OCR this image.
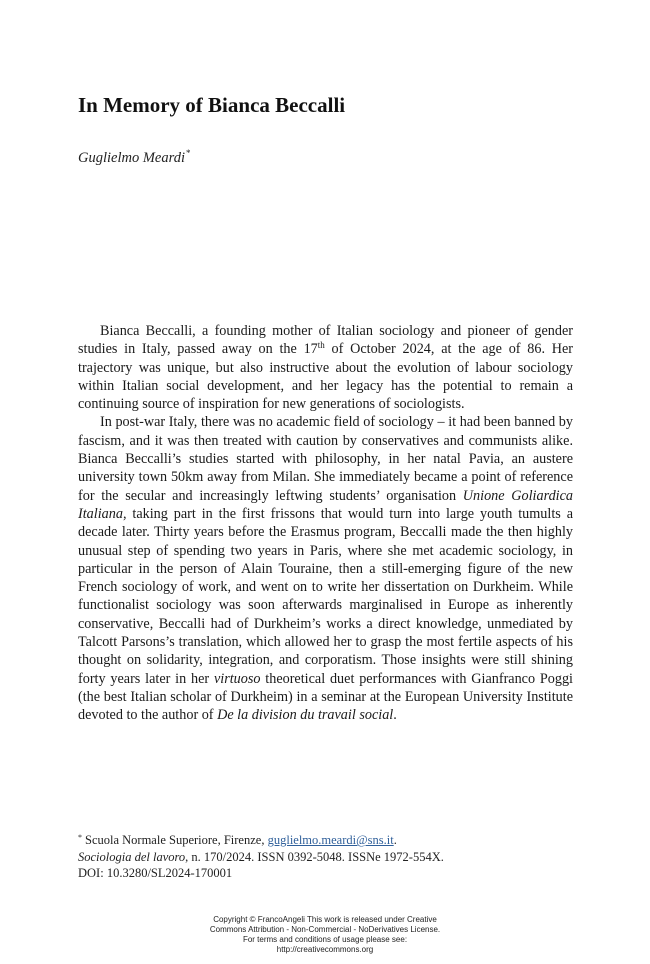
In Memory of Bianca Beccalli
Guglielmo Meardi*

Bianca Beccalli, a founding mother of Italian sociology and pioneer of gender studies in Italy, passed away on the 17th of October 2024, at the age of 86. Her trajectory was unique, but also instructive about the evolution of labour sociology within Italian social development, and her legacy has the potential to remain a continuing source of inspiration for new generations of sociologists.

In post-war Italy, there was no academic field of sociology – it had been banned by fascism, and it was then treated with caution by conservatives and communists alike. Bianca Beccalli’s studies started with philosophy, in her natal Pavia, an austere university town 50km away from Milan. She immediately became a point of reference for the secular and increasingly leftwing students’ organisation Unione Goliardica Italiana, taking part in the first frissons that would turn into large youth tumults a decade later. Thirty years before the Erasmus program, Beccalli made the then highly unusual step of spending two years in Paris, where she met academic sociology, in particular in the person of Alain Touraine, then a still-emerging figure of the new French sociology of work, and went on to write her dissertation on Durkheim. While functionalist sociology was soon afterwards marginalised in Europe as inherently conservative, Beccalli had of Durkheim’s works a direct knowledge, unmediated by Talcott Parsons’s translation, which allowed her to grasp the most fertile aspects of his thought on solidarity, integration, and corporatism. Those insights were still shining forty years later in her virtuoso theoretical duet performances with Gianfranco Poggi (the best Italian scholar of Durkheim) in a seminar at the European University Institute devoted to the author of De la division du travail social.

* Scuola Normale Superiore, Firenze, guglielmo.meardi@sns.it.
Sociologia del lavoro, n. 170/2024. ISSN 0392-5048. ISSNe 1972-554X.
DOI: 10.3280/SL2024-170001
Copyright © FrancoAngeli This work is released under Creative
Commons Attribution - Non-Commercial - NoDerivatives License.
For terms and conditions of usage please see:
http://creativecommons.org
